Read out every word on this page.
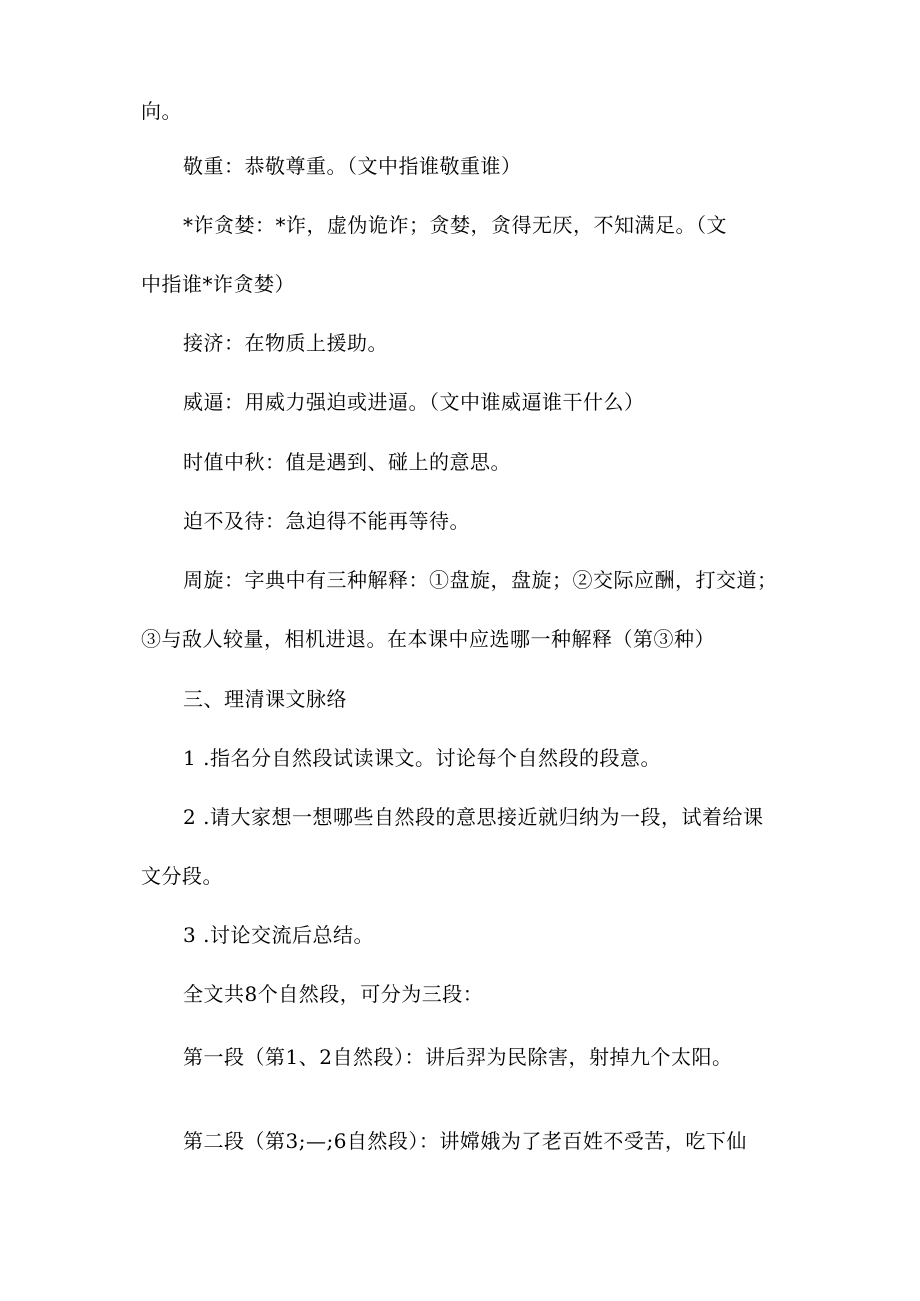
向。
敬重：恭敬尊重。（文中指谁敬重谁）
*诈贪婪：*诈，虚伪诡诈；贪婪，贪得无厌，不知满足。（文
中指谁*诈贪婪）
接济：在物质上援助。
威逼：用威力强迫或进逼。（文中谁威逼谁干什么）
时值中秋：值是遇到、碰上的意思。
迫不及待：急迫得不能再等待。
周旋：字典中有三种解释：①盘旋，盘旋；②交际应酬，打交道；
③与敌人较量，相机进退。在本课中应选哪一种解释（第③种）
三、理清课文脉络
1 .指名分自然段试读课文。讨论每个自然段的段意。
2 .请大家想一想哪些自然段的意思接近就归纳为一段，试着给课
文分段。
3 .讨论交流后总结。
全文共8个自然段，可分为三段：
第一段（第1、2自然段）：讲后羿为民除害，射掉九个太阳。
第二段（第3;—;6自然段）：讲嫦娥为了老百姓不受苦，吃下仙
